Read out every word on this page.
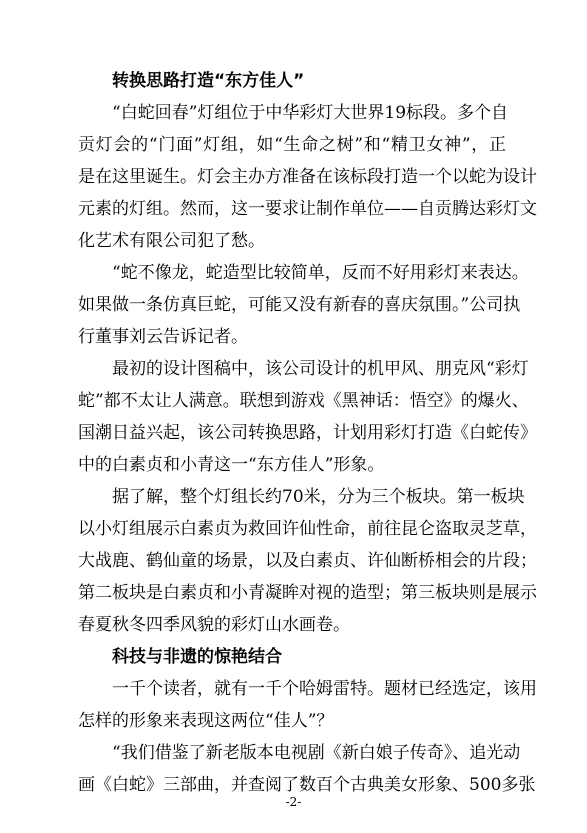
转换思路打造“东方佳人”
“白蛇回春”灯组位于中华彩灯大世界19标段。多个自
贡灯会的“门面”灯组，如“生命之树”和“精卫女神”，正
是在这里诞生。灯会主办方准备在该标段打造一个以蛇为设计
元素的灯组。然而，这一要求让制作单位——自贡腾达彩灯文
化艺术有限公司犯了愁。
“蛇不像龙，蛇造型比较简单，反而不好用彩灯来表达。
如果做一条仿真巨蛇，可能又没有新春的喜庆氛围。”公司执
行董事刘云告诉记者。
最初的设计图稿中，该公司设计的机甲风、朋克风“彩灯
蛇”都不太让人满意。联想到游戏《黑神话：悟空》的爆火、
国潮日益兴起，该公司转换思路，计划用彩灯打造《白蛇传》
中的白素贞和小青这一“东方佳人”形象。
据了解，整个灯组长约70米，分为三个板块。第一板块
以小灯组展示白素贞为救回许仙性命，前往昆仑盗取灵芝草，
大战鹿、鹤仙童的场景，以及白素贞、许仙断桥相会的片段；
第二板块是白素贞和小青凝眸对视的造型；第三板块则是展示
春夏秋冬四季风貌的彩灯山水画卷。
科技与非遗的惊艳结合
一千个读者，就有一千个哈姆雷特。题材已经选定，该用
怎样的形象来表现这两位“佳人”？
“我们借鉴了新老版本电视剧《新白娘子传奇》、追光动
画《白蛇》三部曲，并查阅了数百个古典美女形象、500多张
-2-
